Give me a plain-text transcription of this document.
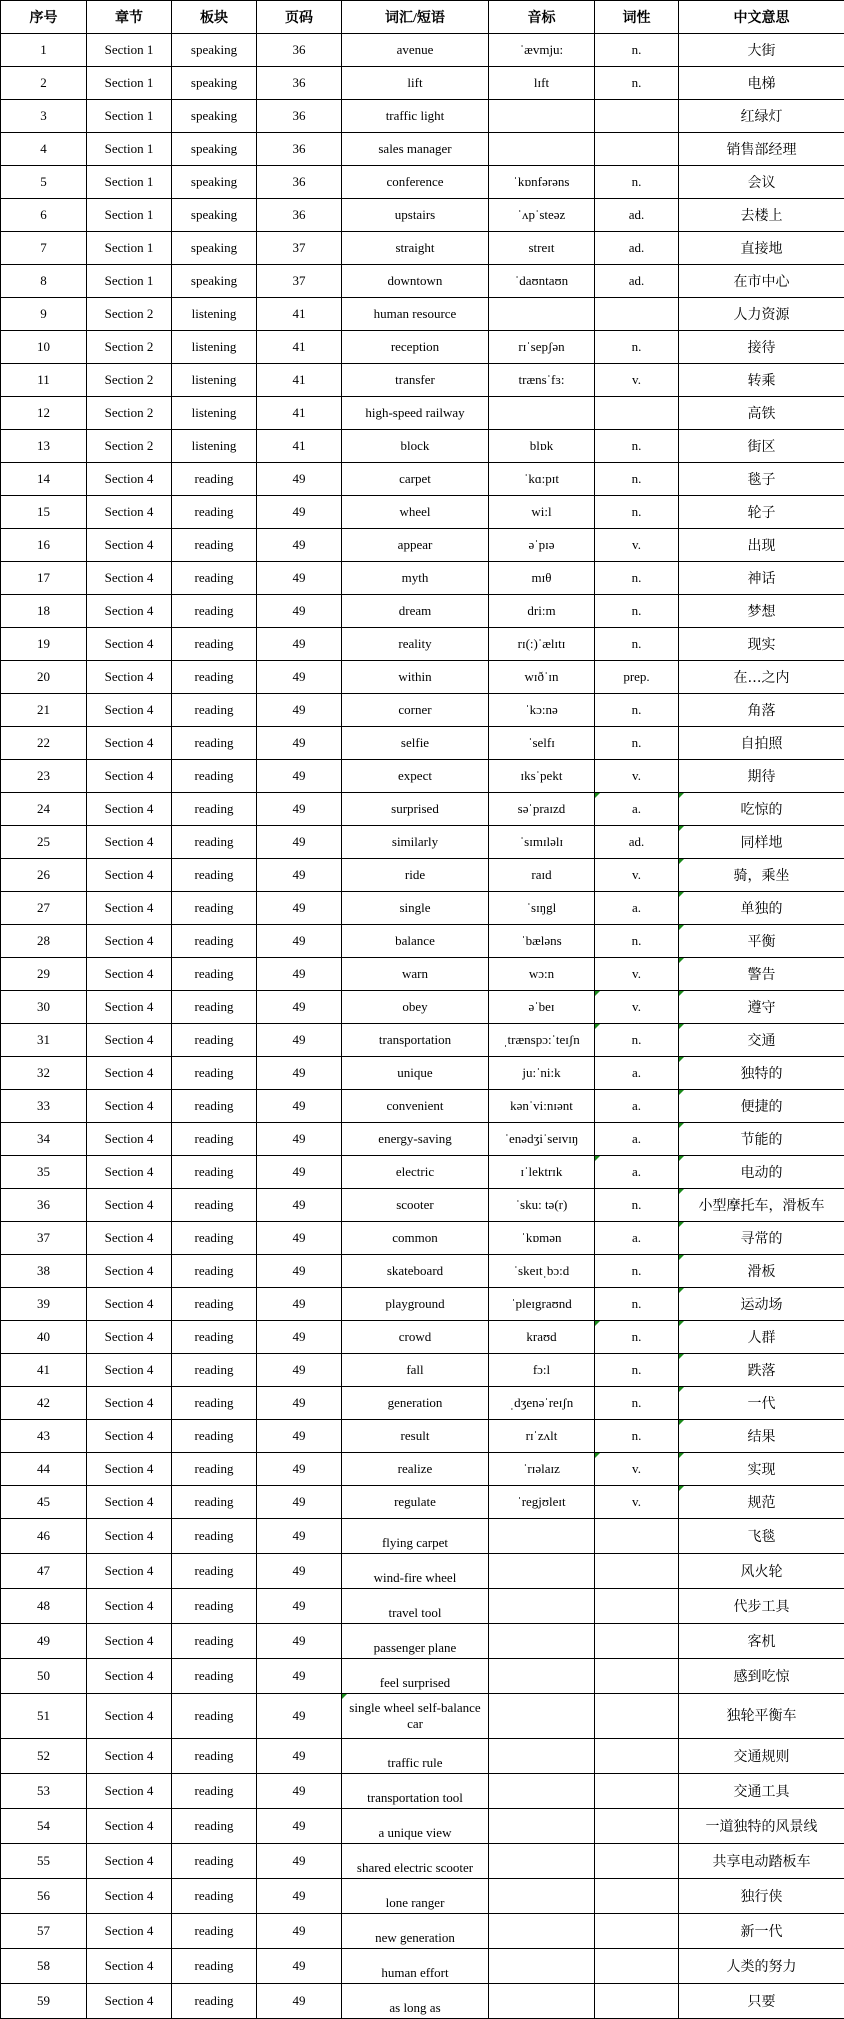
序号	章节	板块	页码	词汇/短语	音标	词性	中文意思
1	Section 1	speaking	36	avenue	ˈævmju:	n.	大街
2	Section 1	speaking	36	lift	lɪft	n.	电梯
3	Section 1	speaking	36	traffic light			红绿灯
4	Section 1	speaking	36	sales manager			销售部经理
5	Section 1	speaking	36	conference	ˈkɒnfərəns	n.	会议
6	Section 1	speaking	36	upstairs	ˈʌpˈsteəz	ad.	去楼上
7	Section 1	speaking	37	straight	streɪt	ad.	直接地
8	Section 1	speaking	37	downtown	ˈdaʊntaʊn	ad.	在市中心
9	Section 2	listening	41	human resource			人力资源
10	Section 2	listening	41	reception	rɪˈsepʃən	n.	接待
11	Section 2	listening	41	transfer	trænsˈfɜ:	v.	转乘
12	Section 2	listening	41	high-speed railway			高铁
13	Section 2	listening	41	block	blɒk	n.	街区
14	Section 4	reading	49	carpet	ˈkɑ:pɪt	n.	毯子
15	Section 4	reading	49	wheel	wi:l	n.	轮子
16	Section 4	reading	49	appear	əˈpɪə	v.	出现
17	Section 4	reading	49	myth	mɪθ	n.	神话
18	Section 4	reading	49	dream	dri:m	n.	梦想
19	Section 4	reading	49	reality	rɪ(:)ˈælɪtɪ	n.	现实
20	Section 4	reading	49	within	wɪðˈɪn	prep.	在…之内
21	Section 4	reading	49	corner	ˈkɔ:nə	n.	角落
22	Section 4	reading	49	selfie	ˈselfɪ	n.	自拍照
23	Section 4	reading	49	expect	ɪksˈpekt	v.	期待
24	Section 4	reading	49	surprised	səˈpraɪzd	a.	吃惊的
25	Section 4	reading	49	similarly	ˈsɪmɪləlɪ	ad.	同样地
26	Section 4	reading	49	ride	raɪd	v.	骑，乘坐
27	Section 4	reading	49	single	ˈsɪŋgl	a.	单独的
28	Section 4	reading	49	balance	ˈbæləns	n.	平衡
29	Section 4	reading	49	warn	wɔ:n	v.	警告
30	Section 4	reading	49	obey	əˈbeɪ	v.	遵守
31	Section 4	reading	49	transportation	ˌtrænspɔ:ˈteɪʃn	n.	交通
32	Section 4	reading	49	unique	ju:ˈni:k	a.	独特的
33	Section 4	reading	49	convenient	kənˈvi:nɪənt	a.	便捷的
34	Section 4	reading	49	energy-saving	ˈenədʒiˈseɪvɪŋ	a.	节能的
35	Section 4	reading	49	electric	ɪˈlektrɪk	a.	电动的
36	Section 4	reading	49	scooter	ˈsku: tə(r)	n.	小型摩托车，滑板车
37	Section 4	reading	49	common	ˈkɒmən	a.	寻常的
38	Section 4	reading	49	skateboard	ˈskeɪtˌbɔ:d	n.	滑板
39	Section 4	reading	49	playground	ˈpleɪgraʊnd	n.	运动场
40	Section 4	reading	49	crowd	kraʊd	n.	人群
41	Section 4	reading	49	fall	fɔ:l	n.	跌落
42	Section 4	reading	49	generation	ˌdʒenəˈreɪʃn	n.	一代
43	Section 4	reading	49	result	rɪˈzʌlt	n.	结果
44	Section 4	reading	49	realize	ˈrɪəlaɪz	v.	实现
45	Section 4	reading	49	regulate	ˈregjʊleɪt	v.	规范
46	Section 4	reading	49	flying carpet			飞毯
47	Section 4	reading	49	wind-fire wheel			风火轮
48	Section 4	reading	49	travel tool			代步工具
49	Section 4	reading	49	passenger plane			客机
50	Section 4	reading	49	feel surprised			感到吃惊
51	Section 4	reading	49	single wheel self-balance car			独轮平衡车
52	Section 4	reading	49	traffic rule			交通规则
53	Section 4	reading	49	transportation tool			交通工具
54	Section 4	reading	49	a unique view			一道独特的风景线
55	Section 4	reading	49	shared electric scooter			共享电动踏板车
56	Section 4	reading	49	lone ranger			独行侠
57	Section 4	reading	49	new generation			新一代
58	Section 4	reading	49	human effort			人类的努力
59	Section 4	reading	49	as long as			只要
